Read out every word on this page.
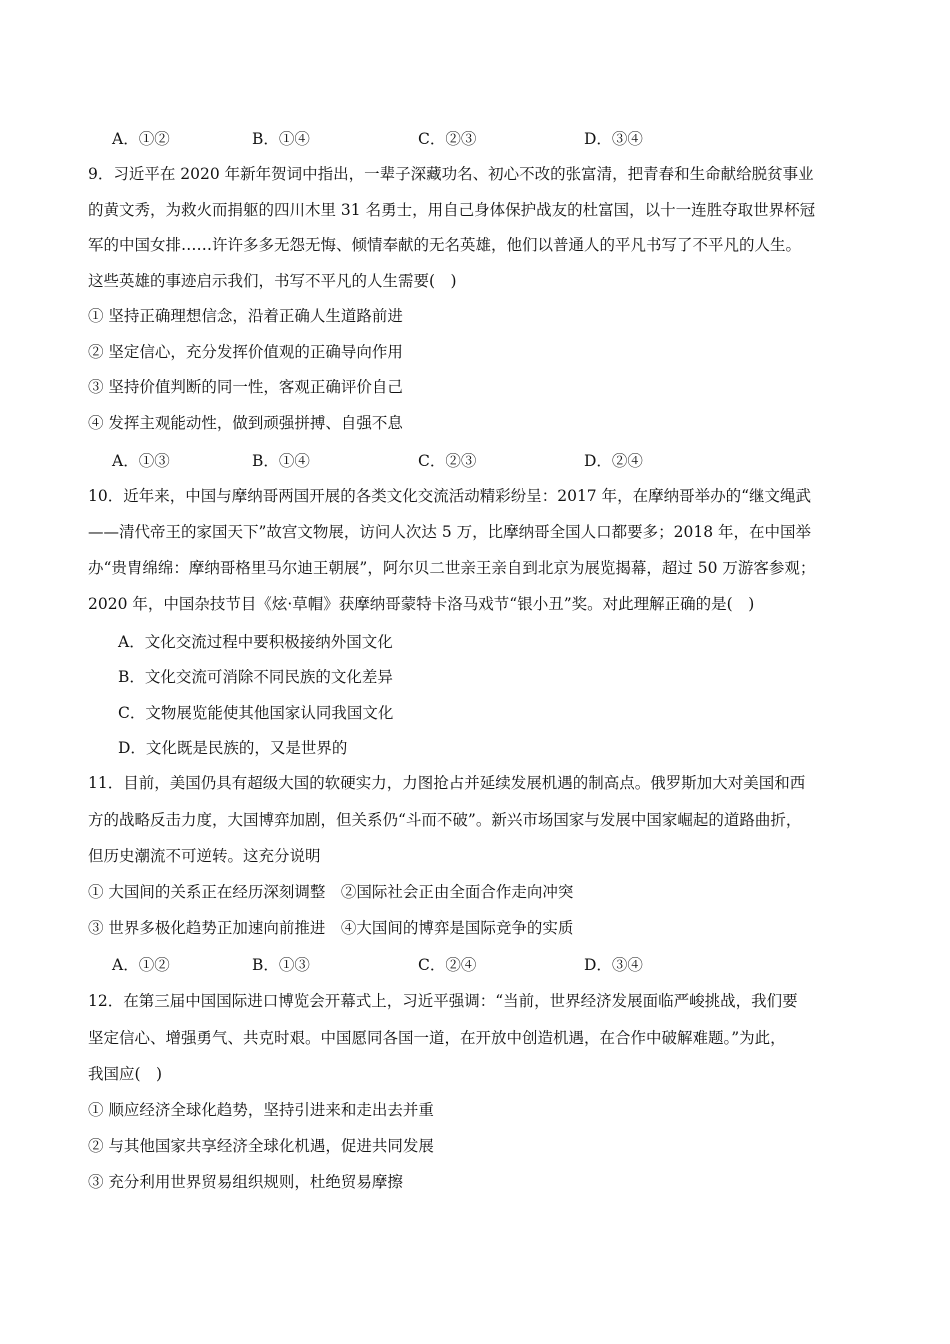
A．①②	B．①④	C．②③	D．③④
9．习近平在 2020 年新年贺词中指出，一辈子深藏功名、初心不改的张富清，把青春和生命献给脱贫事业
的黄文秀，为救火而捐躯的四川木里 31 名勇士，用自己身体保护战友的杜富国，以十一连胜夺取世界杯冠
军的中国女排……许许多多无怨无悔、倾情奉献的无名英雄，他们以普通人的平凡书写了不平凡的人生。
这些英雄的事迹启示我们，书写不平凡的人生需要(　)
① 坚持正确理想信念，沿着正确人生道路前进
② 坚定信心，充分发挥价值观的正确导向作用
③ 坚持价值判断的同一性，客观正确评价自己
④ 发挥主观能动性，做到顽强拼搏、自强不息
A．①③	B．①④	C．②③	D．②④
10．近年来，中国与摩纳哥两国开展的各类文化交流活动精彩纷呈：2017 年，在摩纳哥举办的“继文绳武
——清代帝王的家国天下”故宫文物展，访问人次达 5 万，比摩纳哥全国人口都要多；2018 年，在中国举
办“贵胄绵绵：摩纳哥格里马尔迪王朝展”，阿尔贝二世亲王亲自到北京为展览揭幕，超过 50 万游客参观；
2020 年，中国杂技节目《炫·草帽》获摩纳哥蒙特卡洛马戏节“银小丑”奖。对此理解正确的是(　)
A．文化交流过程中要积极接纳外国文化
B．文化交流可消除不同民族的文化差异
C．文物展览能使其他国家认同我国文化
D．文化既是民族的，又是世界的
11．目前，美国仍具有超级大国的软硬实力，力图抢占并延续发展机遇的制高点。俄罗斯加大对美国和西
方的战略反击力度，大国博弈加剧，但关系仍“斗而不破”。新兴市场国家与发展中国家崛起的道路曲折，
但历史潮流不可逆转。这充分说明
① 大国间的关系正在经历深刻调整　②国际社会正由全面合作走向冲突
③ 世界多极化趋势正加速向前推进　④大国间的博弈是国际竞争的实质
A．①②	B．①③	C．②④	D．③④
12．在第三届中国国际进口博览会开幕式上，习近平强调：“当前，世界经济发展面临严峻挑战，我们要
坚定信心、增强勇气、共克时艰。中国愿同各国一道，在开放中创造机遇，在合作中破解难题。”为此，
我国应(　)
① 顺应经济全球化趋势，坚持引进来和走出去并重
② 与其他国家共享经济全球化机遇，促进共同发展
③ 充分利用世界贸易组织规则，杜绝贸易摩擦
